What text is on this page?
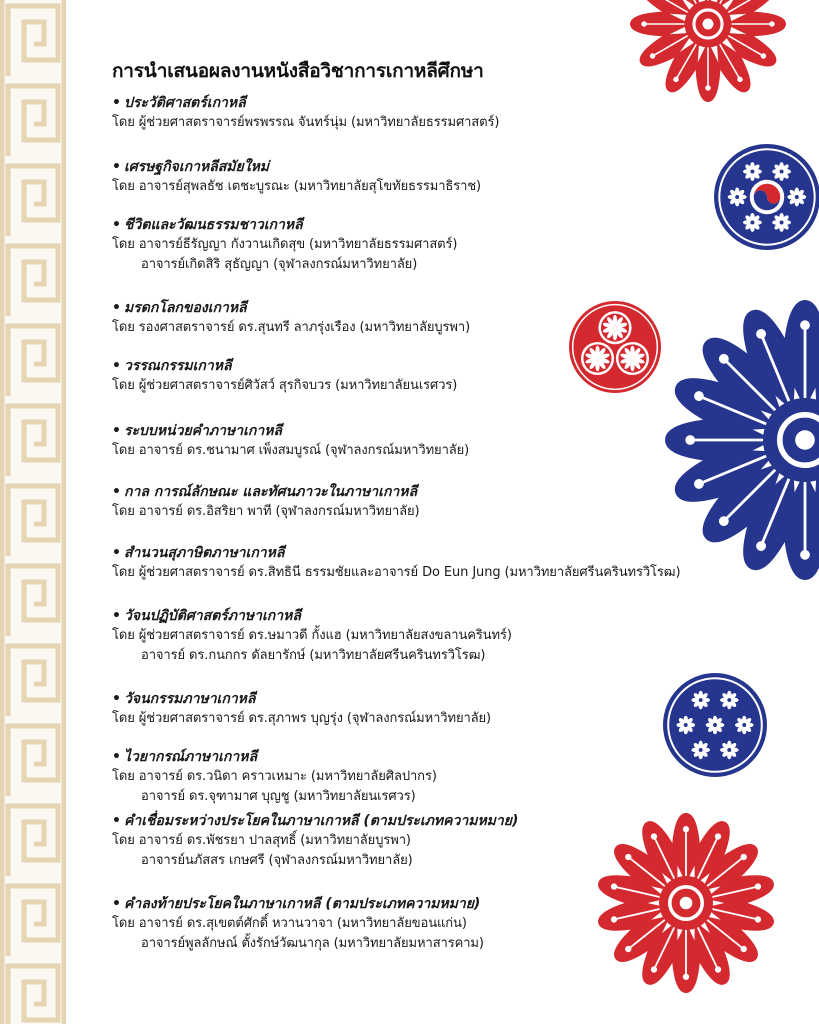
การนำเสนอผลงานหนังสือวิชาการเกาหลีศึกษา
• ประวัติศาสตร์เกาหลี
โดย ผู้ช่วยศาสตราจารย์พรพรรณ จันทร์นุ่ม (มหาวิทยาลัยธรรมศาสตร์)
• เศรษฐกิจเกาหลีสมัยใหม่
โดย อาจารย์สุพลธัช เตชะบูรณะ (มหาวิทยาลัยสุโขทัยธรรมาธิราช)
• ชีวิตและวัฒนธรรมชาวเกาหลี
โดย อาจารย์ธีรัญญา กังวานเกิดสุข (มหาวิทยาลัยธรรมศาสตร์)
อาจารย์เกิดสิริ สุธัญญา (จุฬาลงกรณ์มหาวิทยาลัย)
• มรดกโลกของเกาหลี
โดย รองศาสตราจารย์ ดร.สุนทรี ลาภรุ่งเรือง (มหาวิทยาลัยบูรพา)
• วรรณกรรมเกาหลี
โดย ผู้ช่วยศาสตราจารย์ศิวัสว์ สุรกิจบวร (มหาวิทยาลัยนเรศวร)
• ระบบหน่วยคำภาษาเกาหลี
โดย อาจารย์ ดร.ชนามาศ เพ็งสมบูรณ์ (จุฬาลงกรณ์มหาวิทยาลัย)
• กาล การณ์ลักษณะ และทัศนภาวะในภาษาเกาหลี
โดย อาจารย์ ดร.อิสริยา พาที (จุฬาลงกรณ์มหาวิทยาลัย)
• สำนวนสุภาษิตภาษาเกาหลี
โดย ผู้ช่วยศาสตราจารย์ ดร.สิทธินี ธรรมชัยและอาจารย์ Do Eun Jung (มหาวิทยาลัยศรีนครินทรวิโรฒ)
• วัจนปฏิบัติศาสตร์ภาษาเกาหลี
โดย ผู้ช่วยศาสตราจารย์ ดร.ษมาวดี กั้งแฮ (มหาวิทยาลัยสงขลานครินทร์)
อาจารย์ ดร.กนกกร ดัลยารักษ์ (มหาวิทยาลัยศรีนครินทรวิโรฒ)
• วัจนกรรมภาษาเกาหลี
โดย ผู้ช่วยศาสตราจารย์ ดร.สุภาพร บุญรุ่ง (จุฬาลงกรณ์มหาวิทยาลัย)
• ไวยากรณ์ภาษาเกาหลี
โดย อาจารย์ ดร.วนิดา คราวเหมาะ (มหาวิทยาลัยศิลปากร)
อาจารย์ ดร.จุฑามาศ บุญชู (มหาวิทยาลัยนเรศวร)
• คำเชื่อมระหว่างประโยคในภาษาเกาหลี (ตามประเภทความหมาย)
โดย อาจารย์ ดร.พัชรยา ปาลสุทธิ์ (มหาวิทยาลัยบูรพา)
อาจารย์นภัสสร เกษศรี (จุฬาลงกรณ์มหาวิทยาลัย)
• คำลงท้ายประโยคในภาษาเกาหลี (ตามประเภทความหมาย)
โดย อาจารย์ ดร.สุเขตต์ศักดิ์ หวานวาจา (มหาวิทยาลัยขอนแก่น)
อาจารย์พูลลักษณ์ ตั้งรักษ์วัฒนากุล (มหาวิทยาลัยมหาสารคาม)
